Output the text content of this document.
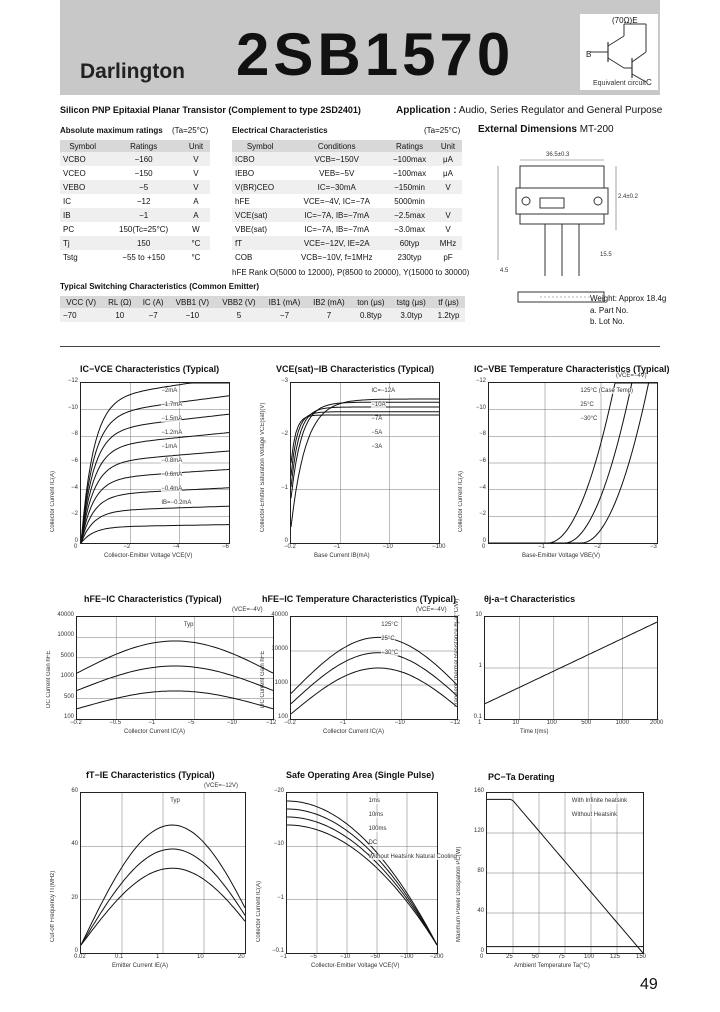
Darlington 2SB1570
(70Ω)E
B
C
Equivalent circuit
Silicon PNP Epitaxial Planar Transistor (Complement to type 2SD2401)	Application : Audio, Series Regulator and General Purpose
Absolute maximum ratings (Ta=25°C)
Symbol	Ratings	Unit
VCBO	−160	V
VCEO	−150	V
VEBO	−5	V
IC	−12	A
IB	−1	A
PC	150(Tc=25°C)	W
Tj	150	°C
Tstg	−55 to +150	°C
Electrical Characteristics	(Ta=25°C)
Symbol	Conditions	Ratings	Unit
ICBO	VCB=−150V	−100max	μA
IEBO	VEB=−5V	−100max	μA
V(BR)CEO	IC=−30mA	−150min	V
hFE	VCE=−4V, IC=−7A	5000min	
VCE(sat)	IC=−7A, IB=−7mA	−2.5max	V
VBE(sat)	IC=−7A, IB=−7mA	−3.0max	V
fT	VCE=−12V, IE=2A	60typ	MHz
COB	VCB=−10V, f=1MHz	230typ	pF
hFE Rank O(5000 to 12000), P(8500 to 20000), Y(15000 to 30000)
Typical Switching Characteristics (Common Emitter)
VCC (V)	RL (Ω)	IC (A)	VBB1 (V)	VBB2 (V)	IB1 (mA)	IB2 (mA)	ton (μs)	tstg (μs)	tf (μs)
−70	10	−7	−10	5	−7	7	0.8typ	3.0typ	1.2typ
External Dimensions MT-200
36.5±0.3
2.4±0.2
15.5
4.5
Weight: Approx 18.4g
a. Part No.
b. Lot No.
IC−VCE Characteristics (Typical)
0	−2	−4	−6
0
−2
−4
−6
−8
−10
−12
Collector-Emitter Voltage VCE(V)
Collector Current IC(A)
−2mA
−1.7mA
−1.5mA
−1.2mA
−1mA
−0.8mA
−0.6mA
−0.4mA
IB=−0.2mA
VCE(sat)−IB Characteristics (Typical)
−0.2	−1	−10	−100
0
−1
−2
−3
Base Current IB(mA)
Collector-Emitter Saturation Voltage VCE(sat)(V)
IC=−12A
−10A
−7A
−5A
−3A
IC−VBE Temperature Characteristics (Typical)
0	−1	−2	−3
0
−2
−4
−6
−8
−10
−12
Base-Emitter Voltage VBE(V)
Collector Current IC(A)
(VCE=−4V)
125°C (Case Temp)
25°C
−30°C
hFE−IC Characteristics (Typical)
−0.2	−0.5	−1	−5	−10	−12
100
500
1000
5000
10000
40000
Collector Current IC(A)
DC Current Gain hFE
(VCE=−4V)
Typ
hFE−IC Temperature Characteristics (Typical)
−0.2	−1	−10	−12
100
1000
10000
40000
Collector Current IC(A)
DC Current Gain hFE
(VCE=−4V)
125°C
25°C
−30°C
θj-a−t Characteristics
1	10	100	500	1000	2000
0.1
1
10
Time t(ms)
Transient Thermal Resistance θj-a(°C/W)
fT−IE Characteristics (Typical)
0.02	0.1	1	10	20
0
20
40
60
Emitter Current IE(A)
Cut-off Frequency fT(MHz)
(VCE=−12V)
Typ
Safe Operating Area (Single Pulse)
−1	−5	−10	−50	−100	−200
−0.1
−1
−10
−20
Collector-Emitter Voltage VCE(V)
Collector Current IC(A)
1ms
10ms
100ms
DC
Without Heatsink Natural Cooling
PC−Ta Derating
0	25	50	75	100	125	150
0
40
80
120
160
Ambient Temperature Ta(°C)
Maximum Power Dissipation PC(W)
With Infinite heatsink
Without Heatsink
49
